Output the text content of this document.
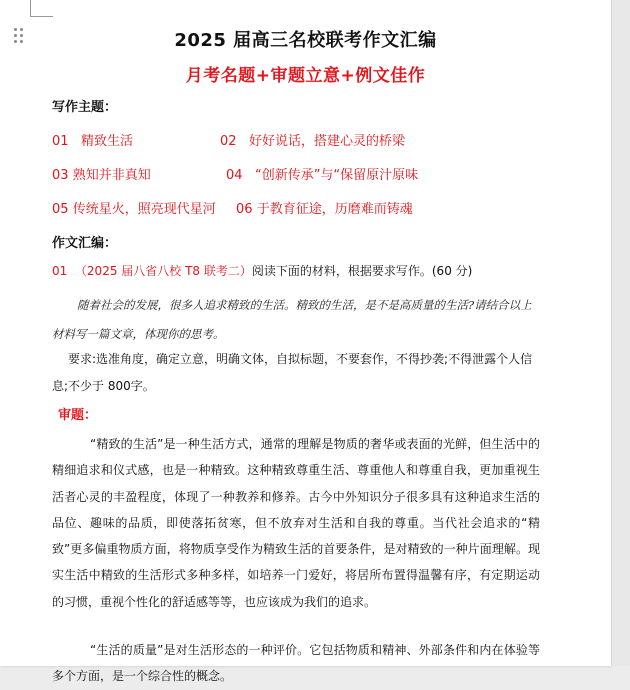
2025 届高三名校联考作文汇编
月考名题+审题立意+例文佳作
写作主题：
01 精致生活	02 好好说话，搭建心灵的桥梁
03 熟知并非真知	04 “创新传承”与“保留原汁原味
05 传统星火，照亮现代星河 06 于教育征途，历磨难而铸魂
作文汇编：
01 （2025 届八省八校 T8 联考二）阅读下面的材料，根据要求写作。(60 分)
随着社会的发展，很多人追求精致的生活。精致的生活，是不是高质量的生活?请结合以上材料写一篇文章，体现你的思考。
要求:选准角度，确定立意，明确文体，自拟标题，不要套作，不得抄袭;不得泄露个人信息;不少于 800字。
审题：
“精致的生活”是一种生活方式，通常的理解是物质的奢华或表面的光鲜，但生活中的精细追求和仪式感，也是一种精致。这种精致尊重生活、尊重他人和尊重自我，更加重视生活者心灵的丰盈程度，体现了一种教养和修养。古今中外知识分子很多具有这种追求生活的品位、趣味的品质，即使落拓贫寒，但不放弃对生活和自我的尊重。当代社会追求的“精致”更多偏重物质方面，将物质享受作为精致生活的首要条件，是对精致的一种片面理解。现实生活中精致的生活形式多种多样，如培养一门爱好，将居所布置得温馨有序，有定期运动的习惯，重视个性化的舒适感等等，也应该成为我们的追求。
“生活的质量”是对生活形态的一种评价。它包括物质和精神、外部条件和内在体验等多个方面，是一个综合性的概念。
